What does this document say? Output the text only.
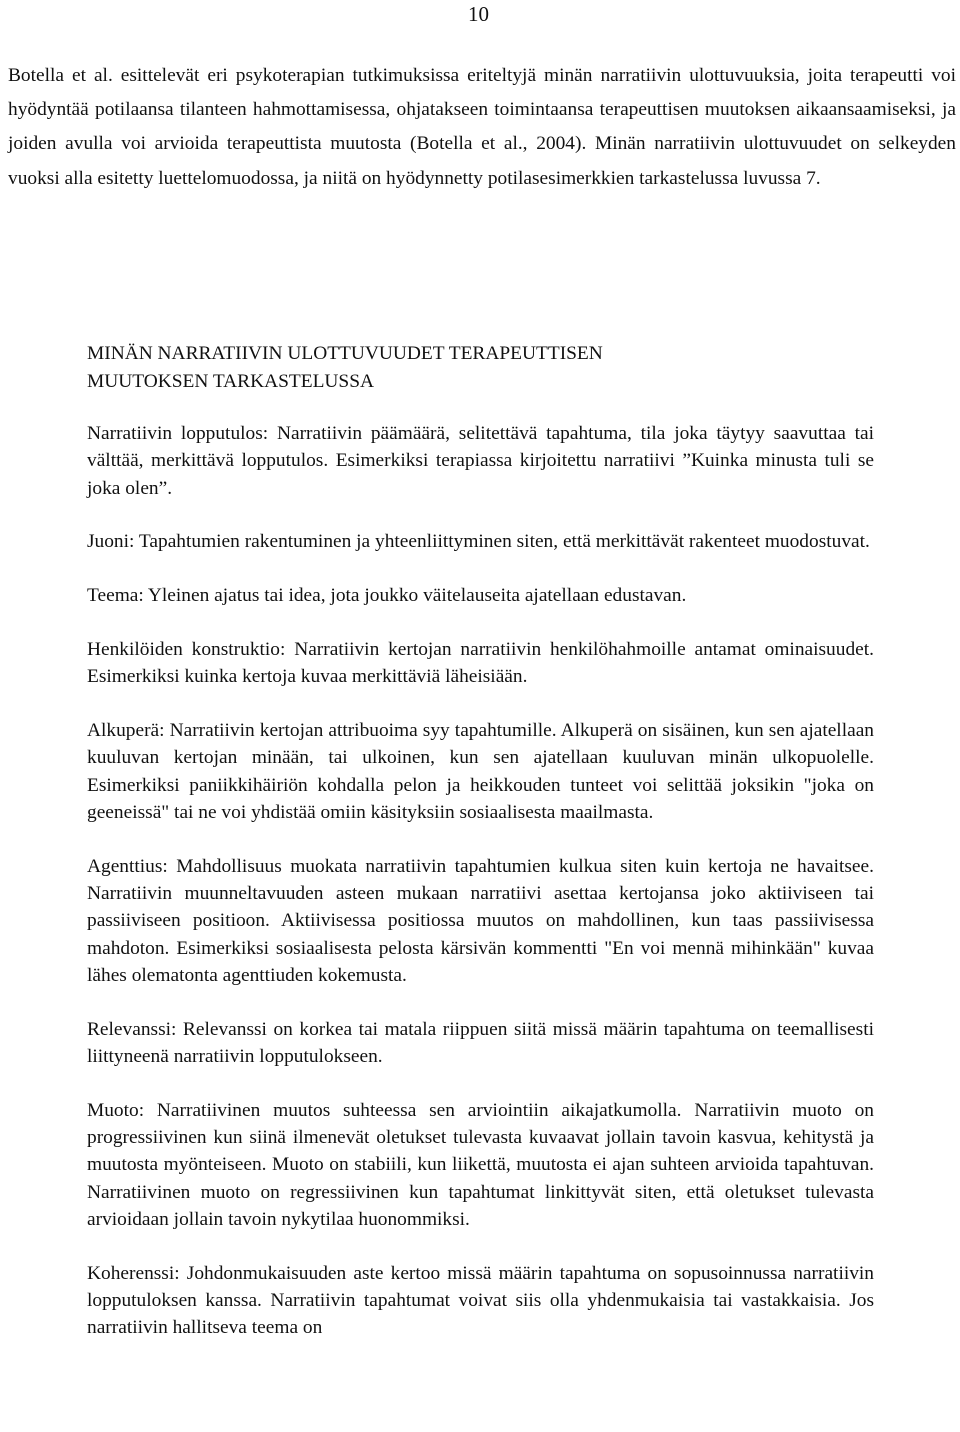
10

Botella et al. esittelevät eri psykoterapian tutkimuksissa eriteltyjä minän narratiivin ulottuvuuksia, joita terapeutti voi hyödyntää potilaansa tilanteen hahmottamisessa, ohjatakseen toimintaansa terapeuttisen muutoksen aikaansaamiseksi, ja joiden avulla voi arvioida terapeuttista muutosta (Botella et al., 2004). Minän narratiivin ulottuvuudet on selkeyden vuoksi alla esitetty luettelomuodossa, ja niitä on hyödynnetty potilasesimerkkien tarkastelussa luvussa 7.

MINÄN NARRATIIVIN ULOTTUVUUDET TERAPEUTTISEN
MUUTOKSEN TARKASTELUSSA

Narratiivin lopputulos: Narratiivin päämäärä, selitettävä tapahtuma, tila joka täytyy saavuttaa tai välttää, merkittävä lopputulos. Esimerkiksi terapiassa kirjoitettu narratiivi ”Kuinka minusta tuli se joka olen”.

Juoni: Tapahtumien rakentuminen ja yhteenliittyminen siten, että merkittävät rakenteet muodostuvat.

Teema: Yleinen ajatus tai idea, jota joukko väitelauseita ajatellaan edustavan.

Henkilöiden konstruktio: Narratiivin kertojan narratiivin henkilöhahmoille antamat ominaisuudet. Esimerkiksi kuinka kertoja kuvaa merkittäviä läheisiään.

Alkuperä: Narratiivin kertojan attribuoima syy tapahtumille. Alkuperä on sisäinen, kun sen ajatellaan kuuluvan kertojan minään, tai ulkoinen, kun sen ajatellaan kuuluvan minän ulkopuolelle. Esimerkiksi paniikkihäiriön kohdalla pelon ja heikkouden tunteet voi selittää joksikin "joka on geeneissä" tai ne voi yhdistää omiin käsityksiin sosiaalisesta maailmasta.

Agenttius: Mahdollisuus muokata narratiivin tapahtumien kulkua siten kuin kertoja ne havaitsee. Narratiivin muunneltavuuden asteen mukaan narratiivi asettaa kertojansa joko aktiiviseen tai passiiviseen positioon. Aktiivisessa positiossa muutos on mahdollinen, kun taas passiivisessa mahdoton. Esimerkiksi sosiaalisesta pelosta kärsivän kommentti "En voi mennä mihinkään" kuvaa lähes olematonta agenttiuden kokemusta.

Relevanssi: Relevanssi on korkea tai matala riippuen siitä missä määrin tapahtuma on teemallisesti liittyneenä narratiivin lopputulokseen.

Muoto: Narratiivinen muutos suhteessa sen arviointiin aikajatkumolla. Narratiivin muoto on progressiivinen kun siinä ilmenevät oletukset tulevasta kuvaavat jollain tavoin kasvua, kehitystä ja muutosta myönteiseen. Muoto on stabiili, kun liikettä, muutosta ei ajan suhteen arvioida tapahtuvan. Narratiivinen muoto on regressiivinen kun tapahtumat linkittyvät siten, että oletukset tulevasta arvioidaan jollain tavoin nykytilaa huonommiksi.

Koherenssi: Johdonmukaisuuden aste kertoo missä määrin tapahtuma on sopusoinnussa narratiivin lopputuloksen kanssa. Narratiivin tapahtumat voivat siis olla yhdenmukaisia tai vastakkaisia. Jos narratiivin hallitseva teema on
